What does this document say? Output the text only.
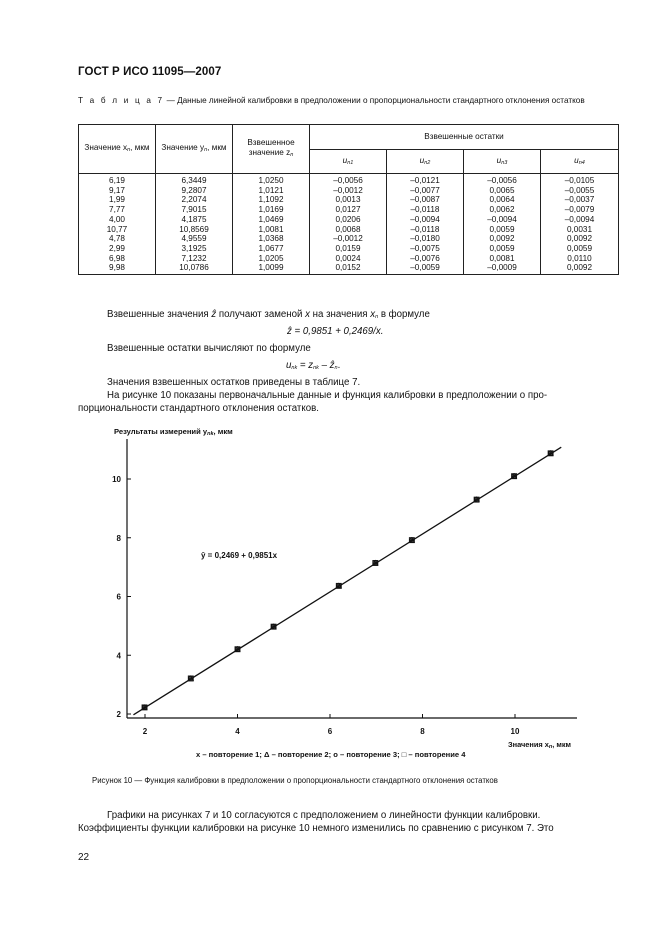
ГОСТ Р ИСО 11095—2007
Т а б л и ц а 7 — Данные линейной калибровки в предположении о пропорциональности стандартного отклонения остатков
Значение xn, мкм	Значение yn, мкм	Взвешенное значение zn	Взвешенные остатки			
			un1	un2	un3	un4
6,19	6,3449	1,0250	–0,0056	–0,0121	–0,0056	–0,0105
9,17	9,2807	1,0121	–0,0012	–0,0077	0,0065	–0,0055
1,99	2,2074	1,1092	0,0013	–0,0087	0,0064	–0,0037
7,77	7,9015	1,0169	0,0127	–0,0118	0,0062	–0,0079
4,00	4,1875	1,0469	0,0206	–0,0094	–0,0094	–0,0094
10,77	10,8569	1,0081	0,0068	–0,0118	0,0059	0,0031
4,78	4,9559	1,0368	–0,0012	–0,0180	0,0092	0,0092
2,99	3,1925	1,0677	0,0159	–0,0075	0,0059	0,0059
6,98	7,1232	1,0205	0,0024	–0,0076	0,0081	0,0110
9,98	10,0786	1,0099	0,0152	–0,0059	–0,0009	0,0092
Взвешенные значения ẑ получают заменой x на значения xn в формуле
ẑ = 0,9851 + 0,2469/x.
Взвешенные остатки вычисляют по формуле
unk = znk – ẑn.
Значения взвешенных остатков приведены в таблице 7.
На рисунке 10 показаны первоначальные данные и функция калибровки в предположении о про-
порциональности стандартного отклонения остатков.
Результаты измерений ynk, мкм
2	4	6	8	10
2
4
6
8
10
ŷ = 0,2469 + 0,9851x
Значения xn, мкм
x – повторение 1; Δ – повторение 2; о – повторение 3; □ – повторение 4
Рисунок 10 — Функция калибровки в предположении о пропорциональности стандартного отклонения остатков
Графики на рисунках 7 и 10 согласуются с предположением о линейности функции калибровки.
Коэффициенты функции калибровки на рисунке 10 немного изменились по сравнению с рисунком 7. Это
22
